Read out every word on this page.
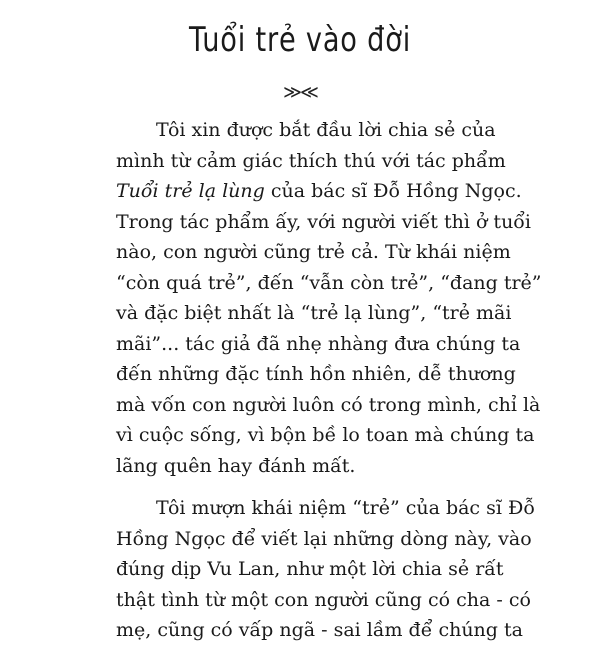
Tuổi trẻ vào đời
≫≪

Tôi xin được bắt đầu lời chia sẻ của
mình từ cảm giác thích thú với tác phẩm
Tuổi trẻ lạ lùng của bác sĩ Đỗ Hồng Ngọc.
Trong tác phẩm ấy, với người viết thì ở tuổi
nào, con người cũng trẻ cả. Từ khái niệm
“còn quá trẻ”, đến “vẫn còn trẻ”, “đang trẻ”
và đặc biệt nhất là “trẻ lạ lùng”, “trẻ mãi
mãi”... tác giả đã nhẹ nhàng đưa chúng ta
đến những đặc tính hồn nhiên, dễ thương
mà vốn con người luôn có trong mình, chỉ là
vì cuộc sống, vì bộn bề lo toan mà chúng ta
lãng quên hay đánh mất.

Tôi mượn khái niệm “trẻ” của bác sĩ Đỗ
Hồng Ngọc để viết lại những dòng này, vào
đúng dịp Vu Lan, như một lời chia sẻ rất
thật tình từ một con người cũng có cha - có
mẹ, cũng có vấp ngã - sai lầm để chúng ta
